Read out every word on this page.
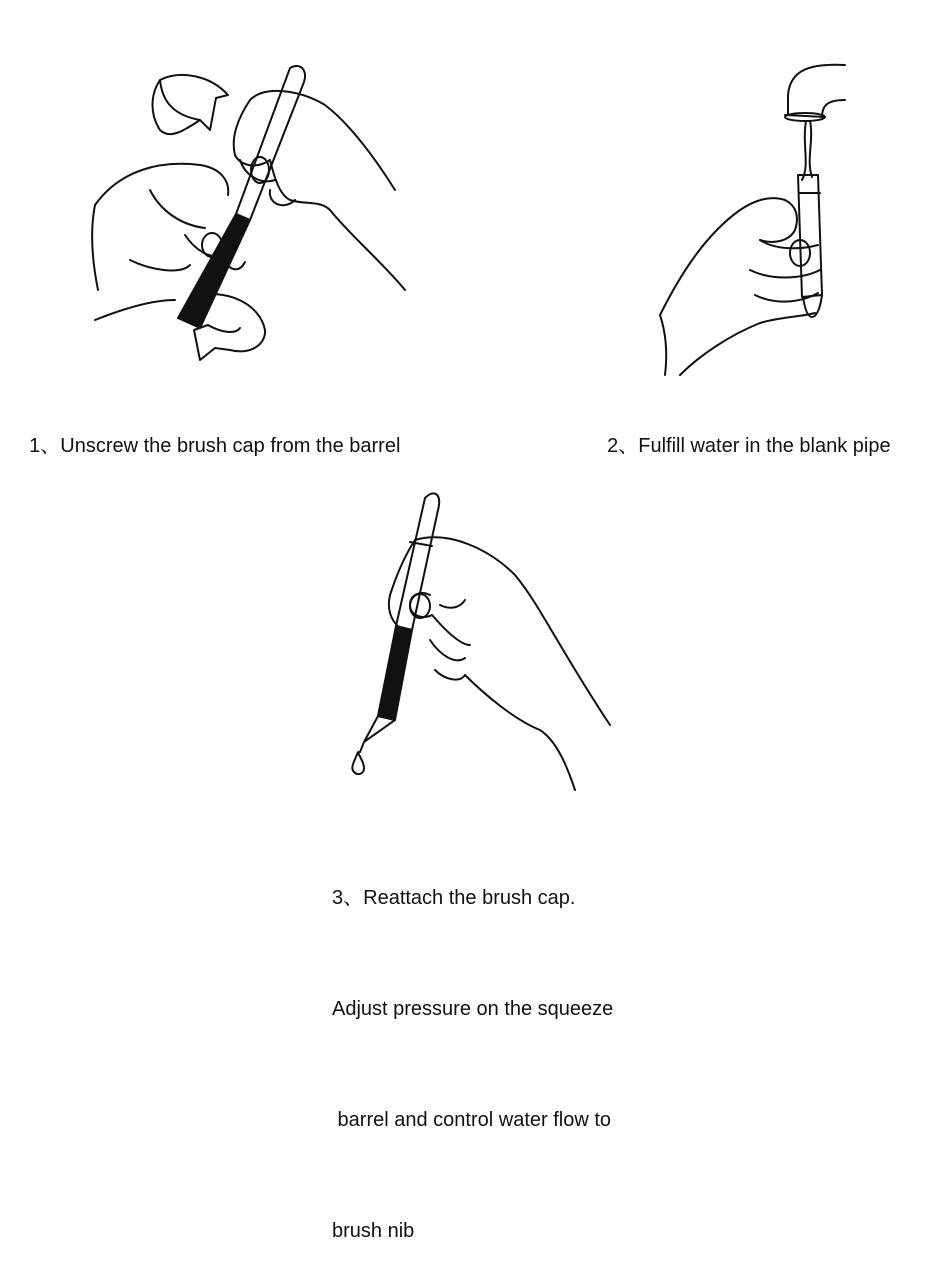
1、Unscrew the brush cap from the barrel	2、Fulfill water in the blank pipe

3、Reattach the brush cap.

Adjust pressure on the squeeze

barrel and control water flow to

brush nib
